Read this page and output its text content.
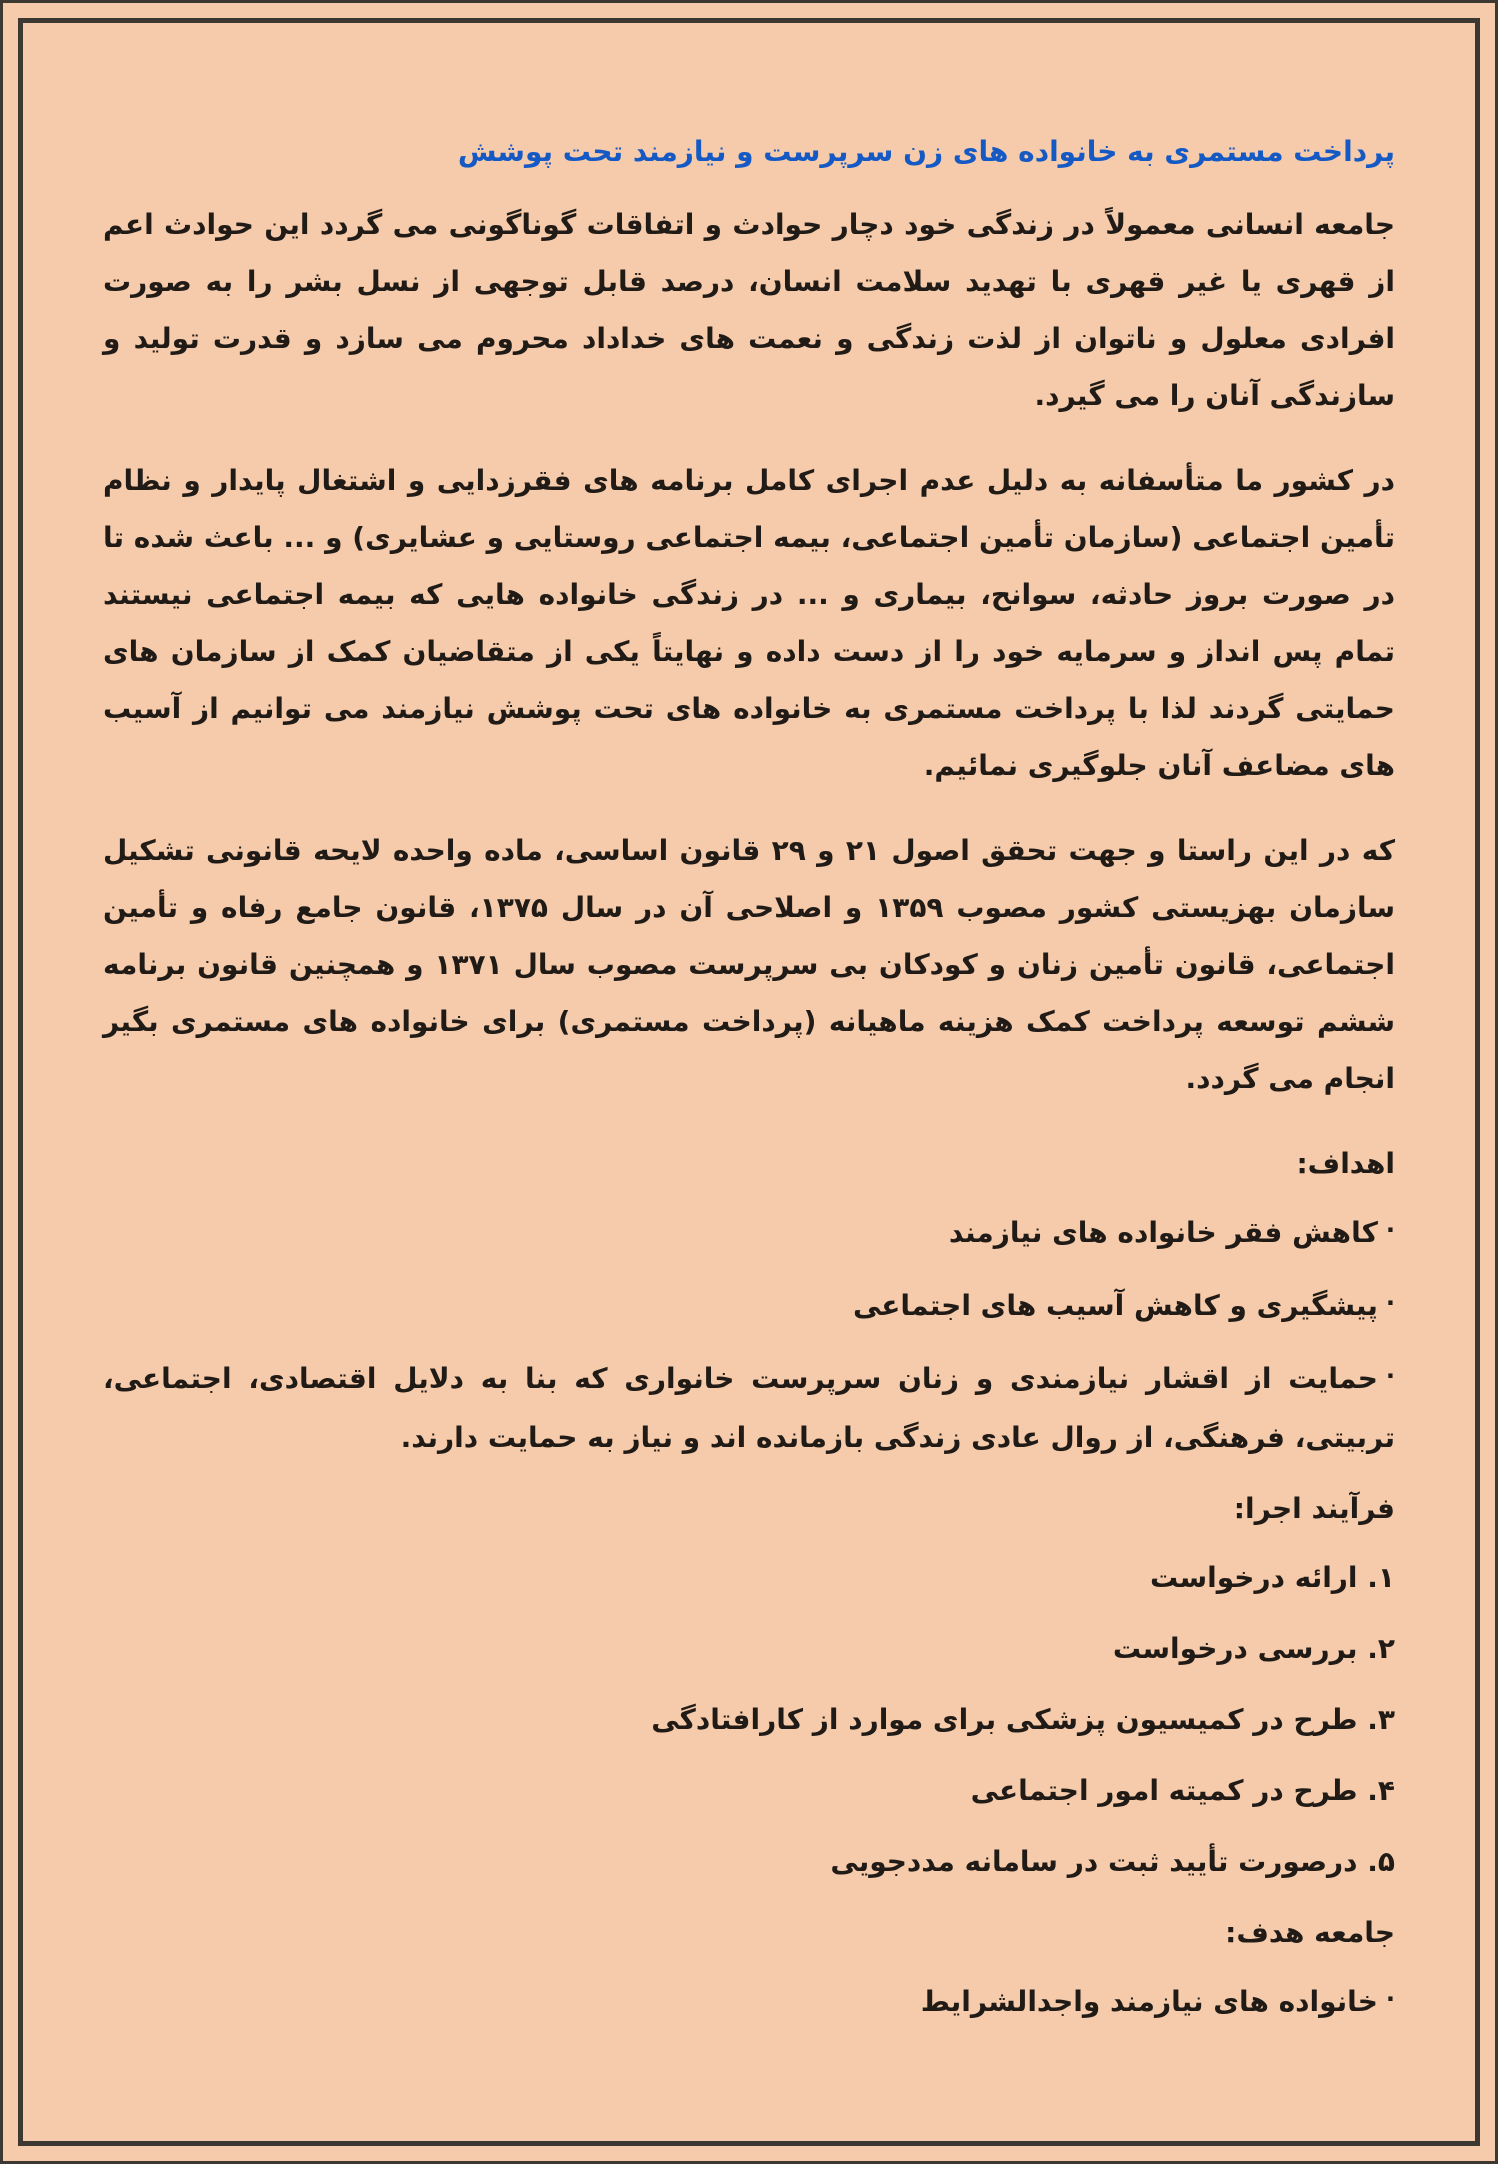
پرداخت مستمری به خانواده های زن سرپرست و نیازمند تحت پوشش
جامعه انسانی معمولاً در زندگی خود دچار حوادث و اتفاقات گوناگونی می گردد این حوادث اعم از قهری یا غیر قهری با تهدید سلامت انسان، درصد قابل توجهی از نسل بشر را به صورت افرادی معلول و ناتوان از لذت زندگی و نعمت های خداداد محروم می سازد و قدرت تولید و سازندگی آنان را می گیرد.
در کشور ما متأسفانه به دلیل عدم اجرای کامل برنامه های فقرزدایی و اشتغال پایدار و نظام تأمین اجتماعی (سازمان تأمین اجتماعی، بیمه اجتماعی روستایی و عشایری) و ... باعث شده تا در صورت بروز حادثه، سوانح، بیماری و ... در زندگی خانواده هایی که بیمه اجتماعی نیستند تمام پس انداز و سرمایه خود را از دست داده و نهایتاً یکی از متقاضیان کمک از سازمان های حمایتی گردند لذا با پرداخت مستمری به خانواده های تحت پوشش نیازمند می توانیم از آسیب های مضاعف آنان جلوگیری نمائیم.
که در این راستا و جهت تحقق اصول ۲۱ و ۲۹ قانون اساسی، ماده واحده لایحه قانونی تشکیل سازمان بهزیستی کشور مصوب ۱۳۵۹ و اصلاحی آن در سال ۱۳۷۵، قانون جامع رفاه و تأمین اجتماعی، قانون تأمین زنان و کودکان بی سرپرست مصوب سال ۱۳۷۱ و همچنین قانون برنامه ششم توسعه پرداخت کمک هزینه ماهیانه (پرداخت مستمری) برای خانواده های مستمری بگیر انجام می گردد.
اهداف:
·کاهش فقر خانواده های نیازمند
·پیشگیری و کاهش آسیب های اجتماعی
·حمایت از اقشار نیازمندی و زنان سرپرست خانواری که بنا به دلایل اقتصادی، اجتماعی، تربیتی، فرهنگی، از روال عادی زندگی بازمانده اند و نیاز به حمایت دارند.
فرآیند اجرا:
۱. ارائه درخواست
۲. بررسی درخواست
۳. طرح در کمیسیون پزشکی برای موارد از کارافتادگی
۴. طرح در کمیته امور اجتماعی
۵. درصورت تأیید ثبت در سامانه مددجویی
جامعه هدف:
·خانواده های نیازمند واجدالشرایط
